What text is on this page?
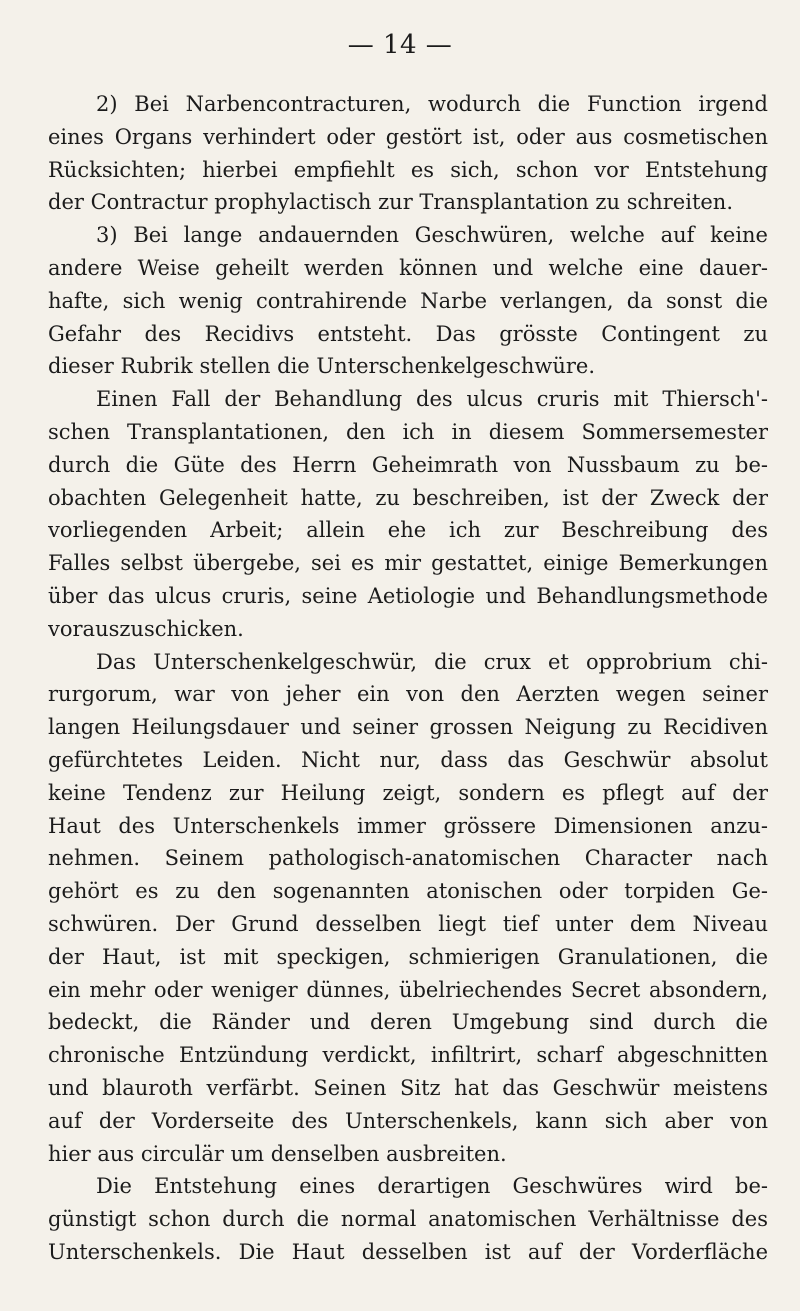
— 14 —
2) Bei Narbencontracturen, wodurch die Function irgend
eines Organs verhindert oder gestört ist, oder aus cosmetischen
Rücksichten; hierbei empfiehlt es sich, schon vor Entstehung
der Contractur prophylactisch zur Transplantation zu schreiten.
3) Bei lange andauernden Geschwüren, welche auf keine
andere Weise geheilt werden können und welche eine dauer-
hafte, sich wenig contrahirende Narbe verlangen, da sonst die
Gefahr des Recidivs entsteht. Das grösste Contingent zu
dieser Rubrik stellen die Unterschenkelgeschwüre.
Einen Fall der Behandlung des ulcus cruris mit Thiersch'-
schen Transplantationen, den ich in diesem Sommersemester
durch die Güte des Herrn Geheimrath von Nussbaum zu be-
obachten Gelegenheit hatte, zu beschreiben, ist der Zweck der
vorliegenden Arbeit; allein ehe ich zur Beschreibung des
Falles selbst übergebe, sei es mir gestattet, einige Bemerkungen
über das ulcus cruris, seine Aetiologie und Behandlungsmethode
vorauszuschicken.
Das Unterschenkelgeschwür, die crux et opprobrium chi-
rurgorum, war von jeher ein von den Aerzten wegen seiner
langen Heilungsdauer und seiner grossen Neigung zu Recidiven
gefürchtetes Leiden. Nicht nur, dass das Geschwür absolut
keine Tendenz zur Heilung zeigt, sondern es pflegt auf der
Haut des Unterschenkels immer grössere Dimensionen anzu-
nehmen. Seinem pathologisch-anatomischen Character nach
gehört es zu den sogenannten atonischen oder torpiden Ge-
schwüren. Der Grund desselben liegt tief unter dem Niveau
der Haut, ist mit speckigen, schmierigen Granulationen, die
ein mehr oder weniger dünnes, übelriechendes Secret absondern,
bedeckt, die Ränder und deren Umgebung sind durch die
chronische Entzündung verdickt, infiltrirt, scharf abgeschnitten
und blauroth verfärbt. Seinen Sitz hat das Geschwür meistens
auf der Vorderseite des Unterschenkels, kann sich aber von
hier aus circulär um denselben ausbreiten.
Die Entstehung eines derartigen Geschwüres wird be-
günstigt schon durch die normal anatomischen Verhältnisse des
Unterschenkels. Die Haut desselben ist auf der Vorderfläche
